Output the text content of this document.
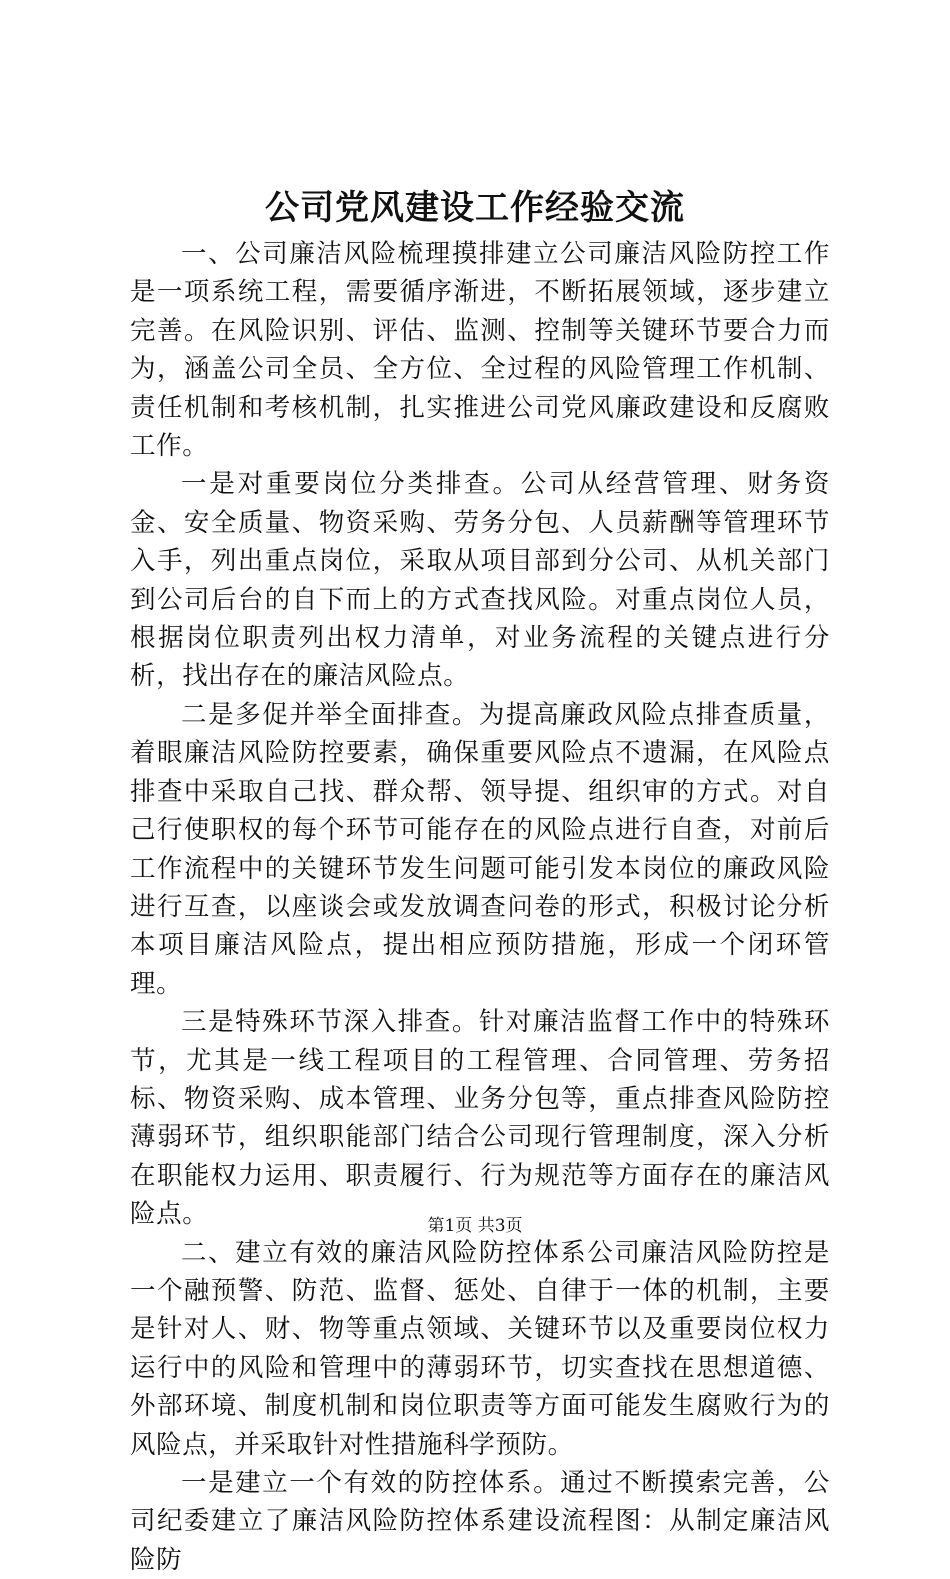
公司党风建设工作经验交流

一、公司廉洁风险梳理摸排建立公司廉洁风险防控工作是一项系统工程，需要循序渐进，不断拓展领域，逐步建立完善。在风险识别、评估、监测、控制等关键环节要合力而为，涵盖公司全员、全方位、全过程的风险管理工作机制、责任机制和考核机制，扎实推进公司党风廉政建设和反腐败工作。

一是对重要岗位分类排查。公司从经营管理、财务资金、安全质量、物资采购、劳务分包、人员薪酬等管理环节入手，列出重点岗位，采取从项目部到分公司、从机关部门到公司后台的自下而上的方式查找风险。对重点岗位人员，根据岗位职责列出权力清单，对业务流程的关键点进行分析，找出存在的廉洁风险点。

二是多促并举全面排查。为提高廉政风险点排查质量，着眼廉洁风险防控要素，确保重要风险点不遗漏，在风险点排查中采取自己找、群众帮、领导提、组织审的方式。对自己行使职权的每个环节可能存在的风险点进行自查，对前后工作流程中的关键环节发生问题可能引发本岗位的廉政风险进行互查，以座谈会或发放调查问卷的形式，积极讨论分析本项目廉洁风险点，提出相应预防措施，形成一个闭环管理。

三是特殊环节深入排查。针对廉洁监督工作中的特殊环节，尤其是一线工程项目的工程管理、合同管理、劳务招标、物资采购、成本管理、业务分包等，重点排查风险防控薄弱环节，组织职能部门结合公司现行管理制度，深入分析在职能权力运用、职责履行、行为规范等方面存在的廉洁风险点。

二、建立有效的廉洁风险防控体系公司廉洁风险防控是一个融预警、防范、监督、惩处、自律于一体的机制，主要是针对人、财、物等重点领域、关键环节以及重要岗位权力运行中的风险和管理中的薄弱环节，切实查找在思想道德、外部环境、制度机制和岗位职责等方面可能发生腐败行为的风险点，并采取针对性措施科学预防。

一是建立一个有效的防控体系。通过不断摸索完善，公司纪委建立了廉洁风险防控体系建设流程图：从制定廉洁风险防

第1页 共3页
